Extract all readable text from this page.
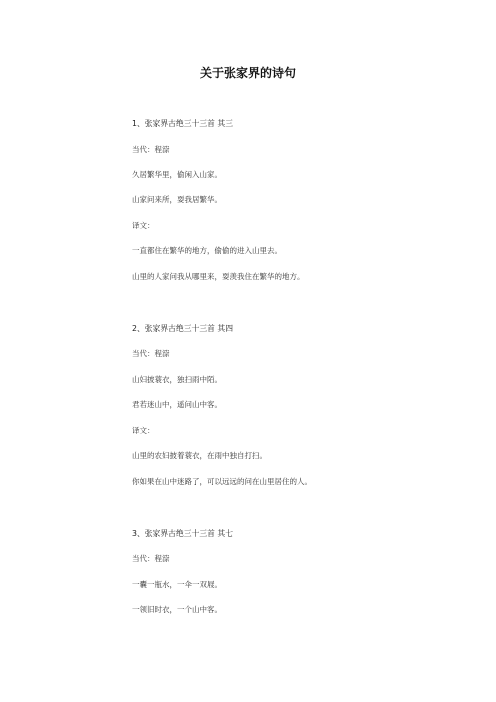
关于张家界的诗句
1、张家界古绝三十三首 其三
当代：程漴
久居繁华里，偷闲入山家。
山家问来所，耍我居繁华。
译文：
一直都住在繁华的地方，偷偷的进入山里去。
山里的人家问我从哪里来，耍羡我住在繁华的地方。
2、张家界古绝三十三首 其四
当代：程漴
山妇披蓑衣，独扫雨中陌。
君若迷山中，遥问山中客。
译文：
山里的农妇披着蓑衣，在雨中独自打扫。
你如果在山中迷路了，可以远远的问在山里居住的人。
3、张家界古绝三十三首 其七
当代：程漴
一囊一瓶水，一伞一双屐。
一领旧时衣，一个山中客。
